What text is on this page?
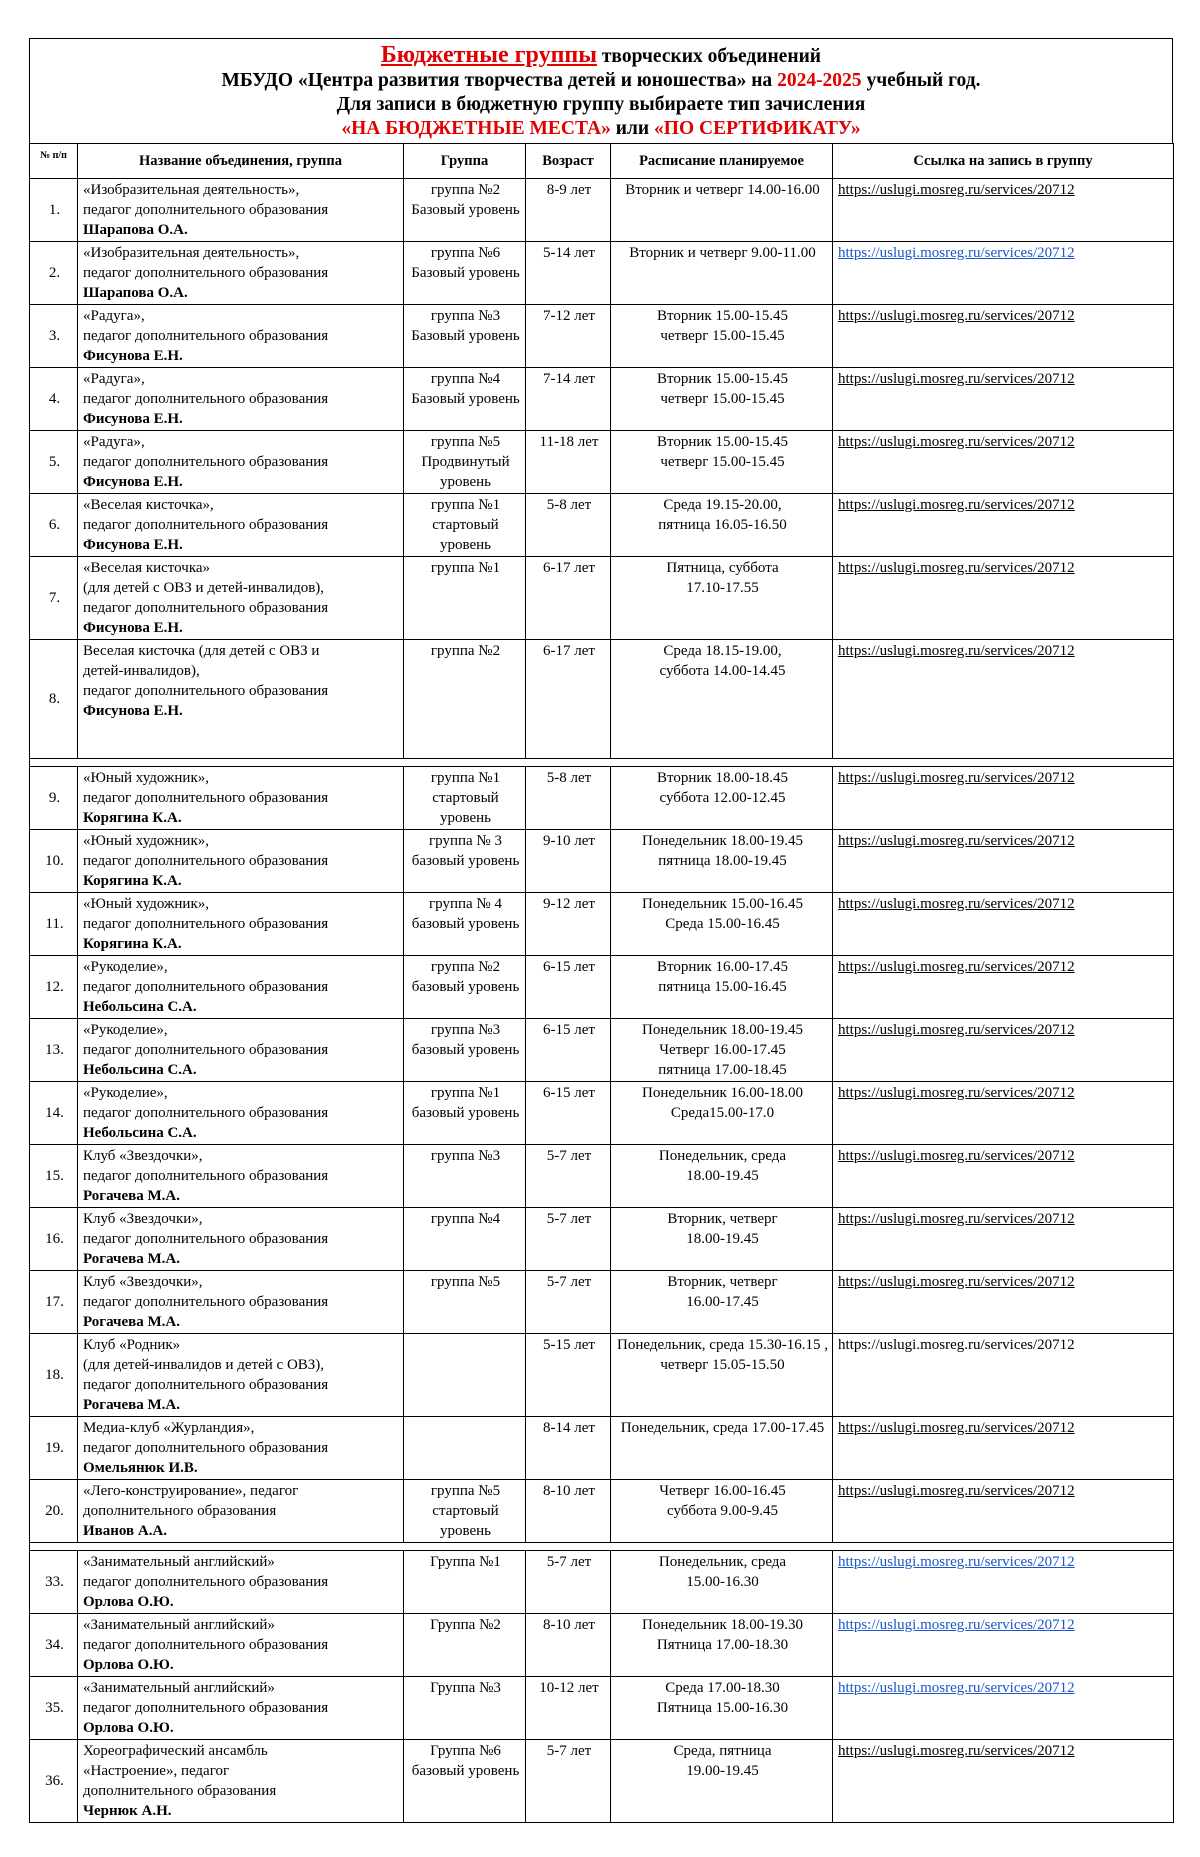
Бюджетные группы творческих объединений
МБУДО «Центра развития творчества детей и юношества» на 2024-2025 учебный год.
Для записи в бюджетную группу выбираете тип зачисления
«НА БЮДЖЕТНЫЕ МЕСТА» или «ПО СЕРТИФИКАТУ»
№ п/п	Название объединения, группа	Группа	Возраст	Расписание планируемое	Ссылка на запись в группу
1.	«Изобразительная деятельность»,
педагог дополнительного образования
Шарапова О.А.	группа №2
Базовый уровень	8-9 лет	Вторник и четверг 14.00-16.00	https://uslugi.mosreg.ru/services/20712
2.	«Изобразительная деятельность»,
педагог дополнительного образования
Шарапова О.А.	группа №6
Базовый уровень	5-14 лет	Вторник и четверг 9.00-11.00	https://uslugi.mosreg.ru/services/20712
3.	«Радуга»,
педагог дополнительного образования
Фисунова Е.Н.	группа №3
Базовый уровень	7-12 лет	Вторник 15.00-15.45
четверг 15.00-15.45	https://uslugi.mosreg.ru/services/20712
4.	«Радуга»,
педагог дополнительного образования
Фисунова Е.Н.	группа №4
Базовый уровень	7-14 лет	Вторник 15.00-15.45
четверг 15.00-15.45	https://uslugi.mosreg.ru/services/20712
5.	«Радуга»,
педагог дополнительного образования
Фисунова Е.Н.	группа №5
Продвинутый
уровень	11-18 лет	Вторник 15.00-15.45
четверг 15.00-15.45	https://uslugi.mosreg.ru/services/20712
6.	«Веселая кисточка»,
педагог дополнительного образования
Фисунова Е.Н.	группа №1
стартовый
уровень	5-8 лет	Среда 19.15-20.00,
пятница 16.05-16.50	https://uslugi.mosreg.ru/services/20712
7.	«Веселая кисточка»
(для детей с ОВЗ и детей-инвалидов),
педагог дополнительного образования
Фисунова Е.Н.	группа №1	6-17 лет	Пятница, суббота
17.10-17.55	https://uslugi.mosreg.ru/services/20712
8.	Веселая кисточка (для детей с ОВЗ и
детей-инвалидов),
педагог дополнительного образования
Фисунова Е.Н.	группа №2	6-17 лет	Среда 18.15-19.00,
суббота 14.00-14.45	https://uslugi.mosreg.ru/services/20712

9.	«Юный художник»,
педагог дополнительного образования
Корягина К.А.	группа №1
стартовый
уровень	5-8 лет	Вторник 18.00-18.45
суббота 12.00-12.45	https://uslugi.mosreg.ru/services/20712
10.	«Юный художник»,
педагог дополнительного образования
Корягина К.А.	группа № 3
базовый уровень	9-10 лет	Понедельник 18.00-19.45
пятница 18.00-19.45	https://uslugi.mosreg.ru/services/20712
11.	«Юный художник»,
педагог дополнительного образования
Корягина К.А.	группа № 4
базовый уровень	9-12 лет	Понедельник 15.00-16.45
Среда 15.00-16.45	https://uslugi.mosreg.ru/services/20712
12.	«Рукоделие»,
педагог дополнительного образования
Небольсина С.А.	группа №2
базовый уровень	6-15 лет	Вторник 16.00-17.45
пятница 15.00-16.45	https://uslugi.mosreg.ru/services/20712
13.	«Рукоделие»,
педагог дополнительного образования
Небольсина С.А.	группа №3
базовый уровень	6-15 лет	Понедельник 18.00-19.45
Четверг 16.00-17.45
пятница 17.00-18.45	https://uslugi.mosreg.ru/services/20712
14.	«Рукоделие»,
педагог дополнительного образования
Небольсина С.А.	группа №1
базовый уровень	6-15 лет	Понедельник 16.00-18.00
Среда15.00-17.0	https://uslugi.mosreg.ru/services/20712
15.	Клуб «Звездочки»,
педагог дополнительного образования
Рогачева М.А.	группа №3	5-7 лет	Понедельник, среда
18.00-19.45	https://uslugi.mosreg.ru/services/20712
16.	Клуб «Звездочки»,
педагог дополнительного образования
Рогачева М.А.	группа №4	5-7 лет	Вторник, четверг
18.00-19.45	https://uslugi.mosreg.ru/services/20712
17.	Клуб «Звездочки»,
педагог дополнительного образования
Рогачева М.А.	группа №5	5-7 лет	Вторник, четверг
16.00-17.45	https://uslugi.mosreg.ru/services/20712
18.	Клуб «Родник»
(для детей-инвалидов и детей с ОВЗ),
педагог дополнительного образования
Рогачева М.А.		5-15 лет	Понедельник, среда 15.30-16.15 ,
четверг 15.05-15.50	https://uslugi.mosreg.ru/services/20712
19.	Медиа-клуб «Журландия»,
педагог дополнительного образования
Омельянюк И.В.		8-14 лет	Понедельник, среда 17.00-17.45	https://uslugi.mosreg.ru/services/20712
20.	«Лего-конструирование», педагог
дополнительного образования
Иванов А.А.	группа №5
стартовый
уровень	8-10 лет	Четверг 16.00-16.45
суббота 9.00-9.45	https://uslugi.mosreg.ru/services/20712

33.	«Занимательный английский»
педагог дополнительного образования
Орлова О.Ю.	Группа №1	5-7 лет	Понедельник, среда
15.00-16.30	https://uslugi.mosreg.ru/services/20712
34.	«Занимательный английский»
педагог дополнительного образования
Орлова О.Ю.	Группа №2	8-10 лет	Понедельник 18.00-19.30
Пятница 17.00-18.30	https://uslugi.mosreg.ru/services/20712
35.	«Занимательный английский»
педагог дополнительного образования
Орлова О.Ю.	Группа №3	10-12 лет	Среда 17.00-18.30
Пятница 15.00-16.30	https://uslugi.mosreg.ru/services/20712
36.	Хореографический ансамбль
«Настроение», педагог
дополнительного образования
Чернюк А.Н.	Группа №6
базовый уровень	5-7 лет	Среда, пятница
19.00-19.45	https://uslugi.mosreg.ru/services/20712
